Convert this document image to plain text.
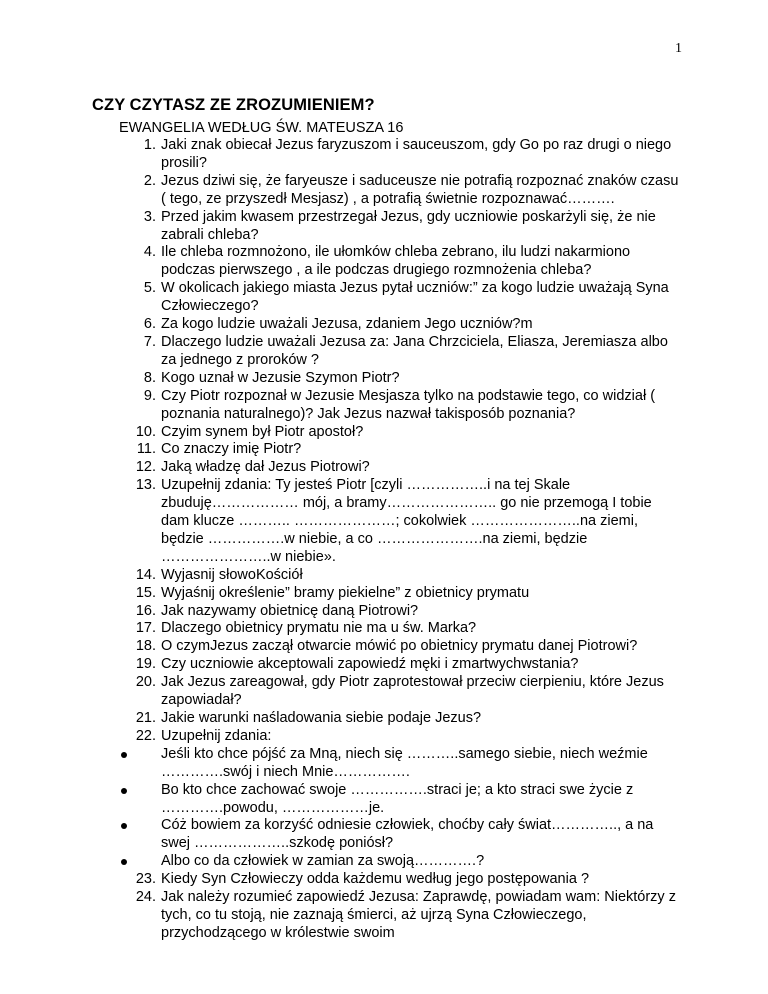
1
CZY CZYTASZ ZE ZROZUMIENIEM?
EWANGELIA WEDŁUG ŚW. MATEUSZA 16
1. Jaki znak obiecał Jezus faryzuszom i sauceuszom, gdy Go po raz drugi o niego prosili?
2. Jezus dziwi się, że faryeusze i saduceusze nie potrafią rozpoznać znaków czasu ( tego, ze przyszedł Mesjasz) , a potrafią świetnie rozpoznawać……….
3. Przed jakim kwasem przestrzegał Jezus, gdy uczniowie poskarżyli się, że nie zabrali chleba?
4. Ile chleba rozmnożono, ile ułomków chleba zebrano, ilu ludzi nakarmiono podczas pierwszego , a ile podczas drugiego rozmnożenia chleba?
5. W okolicach jakiego miasta Jezus pytał uczniów:” za kogo ludzie uważają Syna Człowieczego?
6. Za kogo ludzie uważali Jezusa, zdaniem Jego uczniów?m
7. Dlaczego ludzie uważali Jezusa za: Jana Chrzciciela, Eliasza, Jeremiasza albo za jednego z proroków ?
8. Kogo uznał w Jezusie Szymon Piotr?
9. Czy Piotr rozpoznał w Jezusie Mesjasza tylko na podstawie tego, co widział ( poznania naturalnego)? Jak Jezus nazwał takisposób poznania?
10. Czyim synem był Piotr apostoł?
11. Co znaczy imię Piotr?
12. Jaką władzę dał Jezus Piotrowi?
13. Uzupełnij zdania: Ty jesteś Piotr [czyli ……………..i na tej Skale zbuduję……………… mój, a bramy………………….. go nie przemogą I tobie dam klucze ……….. …………………; cokolwiek …………………..na ziemi, będzie …………….w niebie, a co ………………….na ziemi, będzie …………………..w niebie».
14. Wyjasnij słowoKościół
15. Wyjaśnij określenie” bramy piekielne” z obietnicy prymatu
16. Jak nazywamy obietnicę daną Piotrowi?
17. Dlaczego obietnicy prymatu nie ma u św. Marka?
18. O czymJezus zaczął otwarcie mówić po obietnicy prymatu danej Piotrowi?
19. Czy uczniowie akceptowali zapowiedź męki i zmartwychwstania?
20. Jak Jezus zareagował, gdy Piotr zaprotestował przeciw cierpieniu, które Jezus zapowiadał?
21. Jakie warunki naśladowania siebie podaje Jezus?
22. Uzupełnij zdania:
Jeśli kto chce pójść za Mną, niech się ………..samego siebie, niech weźmie ………….swój i niech Mnie…………….
Bo kto chce zachować swoje …………….straci je; a kto straci swe życie z ………….powodu, ………………je.
Cóż bowiem za korzyść odniesie człowiek, choćby cały świat………….., a na swej ………………..szkodę poniósł?
Albo co da człowiek w zamian za swoją………….?
23. Kiedy Syn Człowieczy odda każdemu według jego postępowania ?
24. Jak należy rozumieć zapowiedź Jezusa: Zaprawdę, powiadam wam: Niektórzy z tych, co tu stoją, nie zaznają śmierci, aż ujrzą Syna Człowieczego, przychodzącego w królestwie swoim
